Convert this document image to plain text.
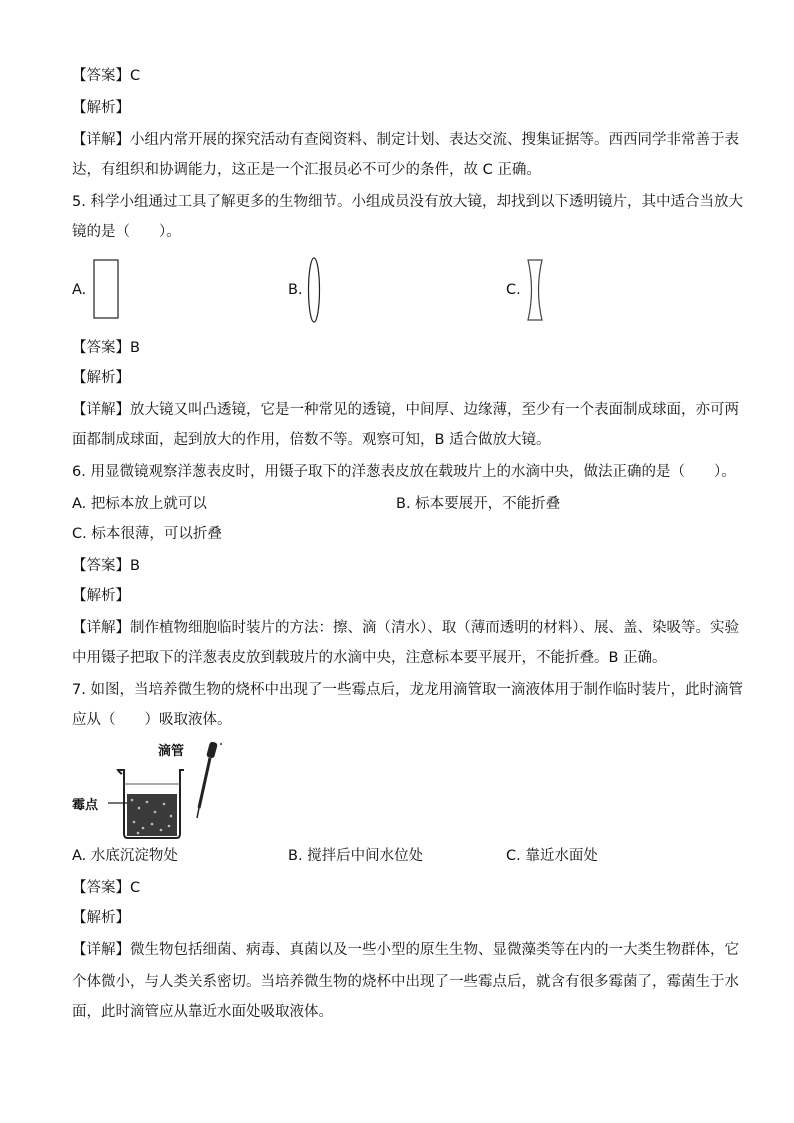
【答案】C
【解析】
【详解】小组内常开展的探究活动有查阅资料、制定计划、表达交流、搜集证据等。西西同学非常善于表
达，有组织和协调能力，这正是一个汇报员必不可少的条件，故 C 正确。
5. 科学小组通过工具了解更多的生物细节。小组成员没有放大镜，却找到以下透明镜片，其中适合当放大
镜的是（　　）。
A.	B.	C.
【答案】B
【解析】
【详解】放大镜又叫凸透镜，它是一种常见的透镜，中间厚、边缘薄，至少有一个表面制成球面，亦可两
面都制成球面，起到放大的作用，倍数不等。观察可知，B 适合做放大镜。
6. 用显微镜观察洋葱表皮时，用镊子取下的洋葱表皮放在载玻片上的水滴中央，做法正确的是（　　）。
A. 把标本放上就可以	B. 标本要展开，不能折叠
C. 标本很薄，可以折叠
【答案】B
【解析】
【详解】制作植物细胞临时装片的方法：擦、滴（清水）、取（薄而透明的材料）、展、盖、染吸等。实验
中用镊子把取下的洋葱表皮放到载玻片的水滴中央，注意标本要平展开，不能折叠。B 正确。
7. 如图，当培养微生物的烧杯中出现了一些霉点后，龙龙用滴管取一滴液体用于制作临时装片，此时滴管
应从（　　）吸取液体。
滴管
霉点
A. 水底沉淀物处	B. 搅拌后中间水位处	C. 靠近水面处
【答案】C
【解析】
【详解】微生物包括细菌、病毒、真菌以及一些小型的原生生物、显微藻类等在内的一大类生物群体，它
个体微小，与人类关系密切。当培养微生物的烧杯中出现了一些霉点后，就含有很多霉菌了，霉菌生于水
面，此时滴管应从靠近水面处吸取液体。
